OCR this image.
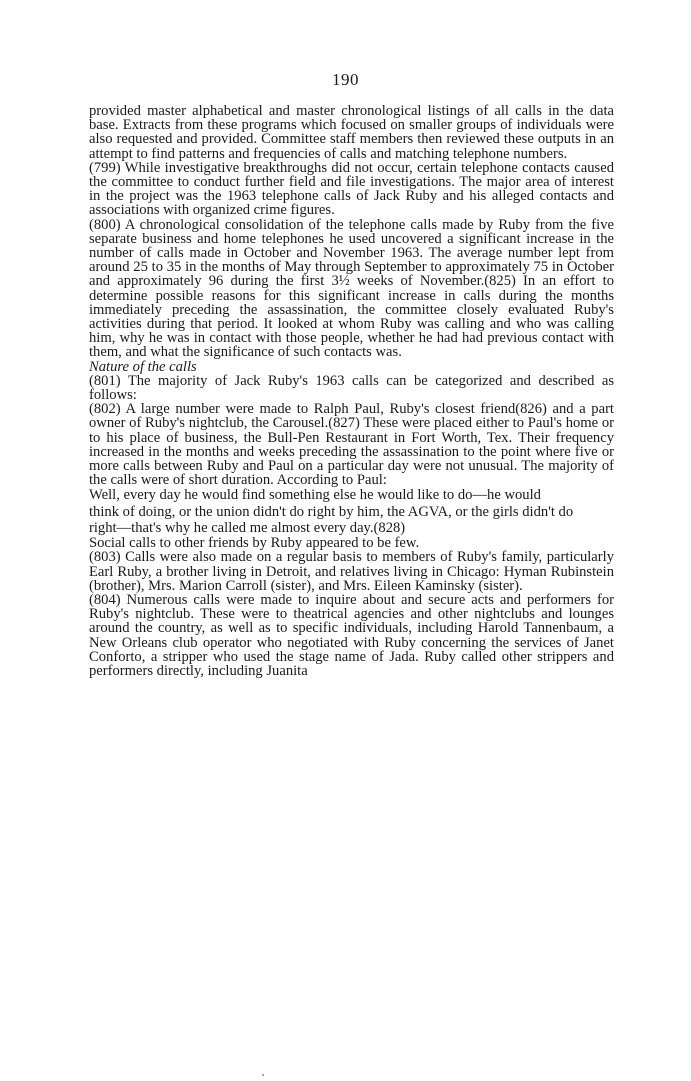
190

provided master alphabetical and master chronological listings of all calls in the data base. Extracts from these programs which focused on smaller groups of individuals were also requested and provided. Committee staff members then reviewed these outputs in an attempt to find patterns and frequencies of calls and matching telephone numbers.

(799) While investigative breakthroughs did not occur, certain telephone contacts caused the committee to conduct further field and file investigations. The major area of interest in the project was the 1963 telephone calls of Jack Ruby and his alleged contacts and associations with organized crime figures.

(800) A chronological consolidation of the telephone calls made by Ruby from the five separate business and home telephones he used uncovered a significant increase in the number of calls made in October and November 1963. The average number lept from around 25 to 35 in the months of May through September to approximately 75 in October and approximately 96 during the first 3½ weeks of November.(825) In an effort to determine possible reasons for this significant increase in calls during the months immediately preceding the assassination, the committee closely evaluated Ruby's activities during that period. It looked at whom Ruby was calling and who was calling him, why he was in contact with those people, whether he had had previous contact with them, and what the significance of such contacts was.

Nature of the calls

(801) The majority of Jack Ruby's 1963 calls can be categorized and described as follows:

(802) A large number were made to Ralph Paul, Ruby's closest friend(826) and a part owner of Ruby's nightclub, the Carousel.(827) These were placed either to Paul's home or to his place of business, the Bull-Pen Restaurant in Fort Worth, Tex. Their frequency increased in the months and weeks preceding the assassination to the point where five or more calls between Ruby and Paul on a particular day were not unusual. The majority of the calls were of short duration. According to Paul:

Well, every day he would find something else he would like to do—he would think of doing, or the union didn't do right by him, the AGVA, or the girls didn't do right—that's why he called me almost every day.(828)

Social calls to other friends by Ruby appeared to be few.

(803) Calls were also made on a regular basis to members of Ruby's family, particularly Earl Ruby, a brother living in Detroit, and relatives living in Chicago: Hyman Rubinstein (brother), Mrs. Marion Carroll (sister), and Mrs. Eileen Kaminsky (sister).

(804) Numerous calls were made to inquire about and secure acts and performers for Ruby's nightclub. These were to theatrical agencies and other nightclubs and lounges around the country, as well as to specific individuals, including Harold Tannenbaum, a New Orleans club operator who negotiated with Ruby concerning the services of Janet Conforto, a stripper who used the stage name of Jada. Ruby called other strippers and performers directly, including Juanita
